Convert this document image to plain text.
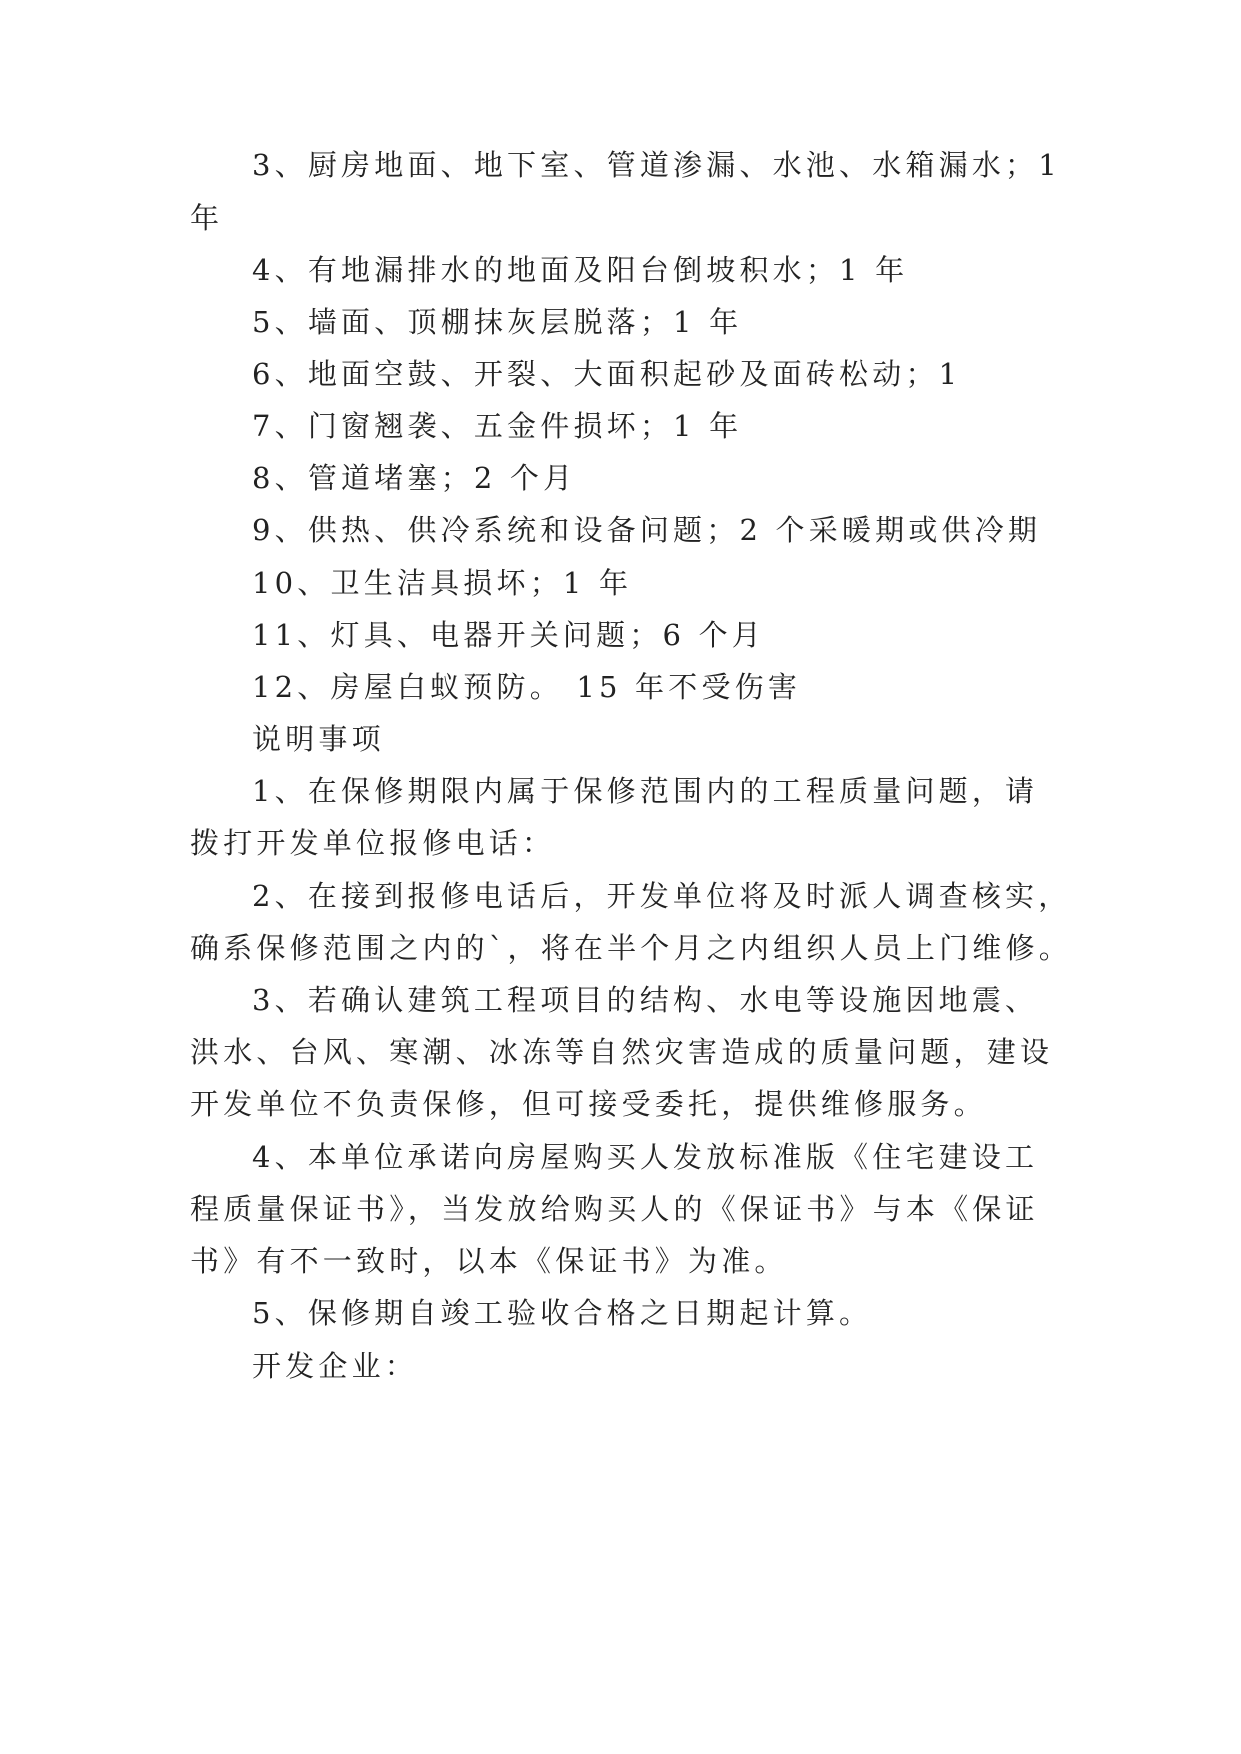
3、厨房地面、地下室、管道渗漏、水池、水箱漏水；1
年
4、有地漏排水的地面及阳台倒坡积水；1 年
5、墙面、顶棚抹灰层脱落；1 年
6、地面空鼓、开裂、大面积起砂及面砖松动；1
7、门窗翘袭、五金件损坏；1 年
8、管道堵塞；2 个月
9、供热、供冷系统和设备问题；2 个采暖期或供冷期
10、卫生洁具损坏；1 年
11、灯具、电器开关问题；6 个月
12、房屋白蚁预防。 15 年不受伤害
说明事项
1、在保修期限内属于保修范围内的工程质量问题，请
拨打开发单位报修电话：
2、在接到报修电话后，开发单位将及时派人调查核实，
确系保修范围之内的`，将在半个月之内组织人员上门维修。
3、若确认建筑工程项目的结构、水电等设施因地震、
洪水、台风、寒潮、冰冻等自然灾害造成的质量问题，建设
开发单位不负责保修，但可接受委托，提供维修服务。
4、本单位承诺向房屋购买人发放标准版《住宅建设工
程质量保证书》，当发放给购买人的《保证书》与本《保证
书》有不一致时，以本《保证书》为准。
5、保修期自竣工验收合格之日期起计算。
开发企业：
